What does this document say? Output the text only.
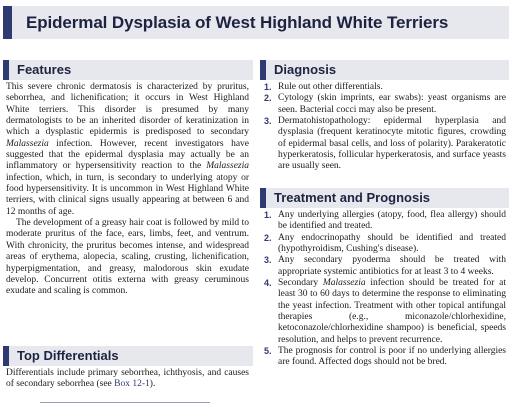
Epidermal Dysplasia of West Highland White Terriers
Features

This severe chronic dermatosis is characterized by pruritus, seborrhea, and lichenification; it occurs in West Highland White terriers. This disorder is presumed by many dermatologists to be an inherited disorder of keratinization in which a dysplastic epidermis is predisposed to secondary Malassezia infection. However, recent investigators have suggested that the epidermal dysplasia may actually be an inflammatory or hypersensitivity reaction to the Malassezia infection, which, in turn, is secondary to underlying atopy or food hypersensitivity. It is uncommon in West Highland White terriers, with clinical signs usually appearing at between 6 and 12 months of age.

The development of a greasy hair coat is followed by mild to moderate pruritus of the face, ears, limbs, feet, and ventrum. With chronicity, the pruritus becomes intense, and widespread areas of erythema, alopecia, scaling, crusting, lichenification, hyperpigmentation, and greasy, malodorous skin exudate develop. Concurrent otitis externa with greasy ceruminous exudate and scaling is common.

Top Differentials

Differentials include primary seborrhea, ichthyosis, and causes of secondary seborrhea (see Box 12-1).

Diagnosis
1. Rule out other differentials.
2. Cytology (skin imprints, ear swabs): yeast organisms are seen. Bacterial cocci may also be present.
3. Dermatohistopathology: epidermal hyperplasia and dysplasia (frequent keratinocyte mitotic figures, crowding of epidermal basal cells, and loss of polarity). Parakeratotic hyperkeratosis, follicular hyperkeratosis, and surface yeasts are usually seen.
Treatment and Prognosis
1. Any underlying allergies (atopy, food, flea allergy) should be identified and treated.
2. Any endocrinopathy should be identified and treated (hypothyroidism, Cushing's disease).
3. Any secondary pyoderma should be treated with appropriate systemic antibiotics for at least 3 to 4 weeks.
4. Secondary Malassezia infection should be treated for at least 30 to 60 days to determine the response to eliminating the yeast infection. Treatment with other topical antifungal therapies (e.g., miconazole/chlorhexidine, ketoconazole/chlorhexidine shampoo) is beneficial, speeds resolution, and helps to prevent recurrence.
5. The prognosis for control is poor if no underlying allergies are found. Affected dogs should not be bred.
